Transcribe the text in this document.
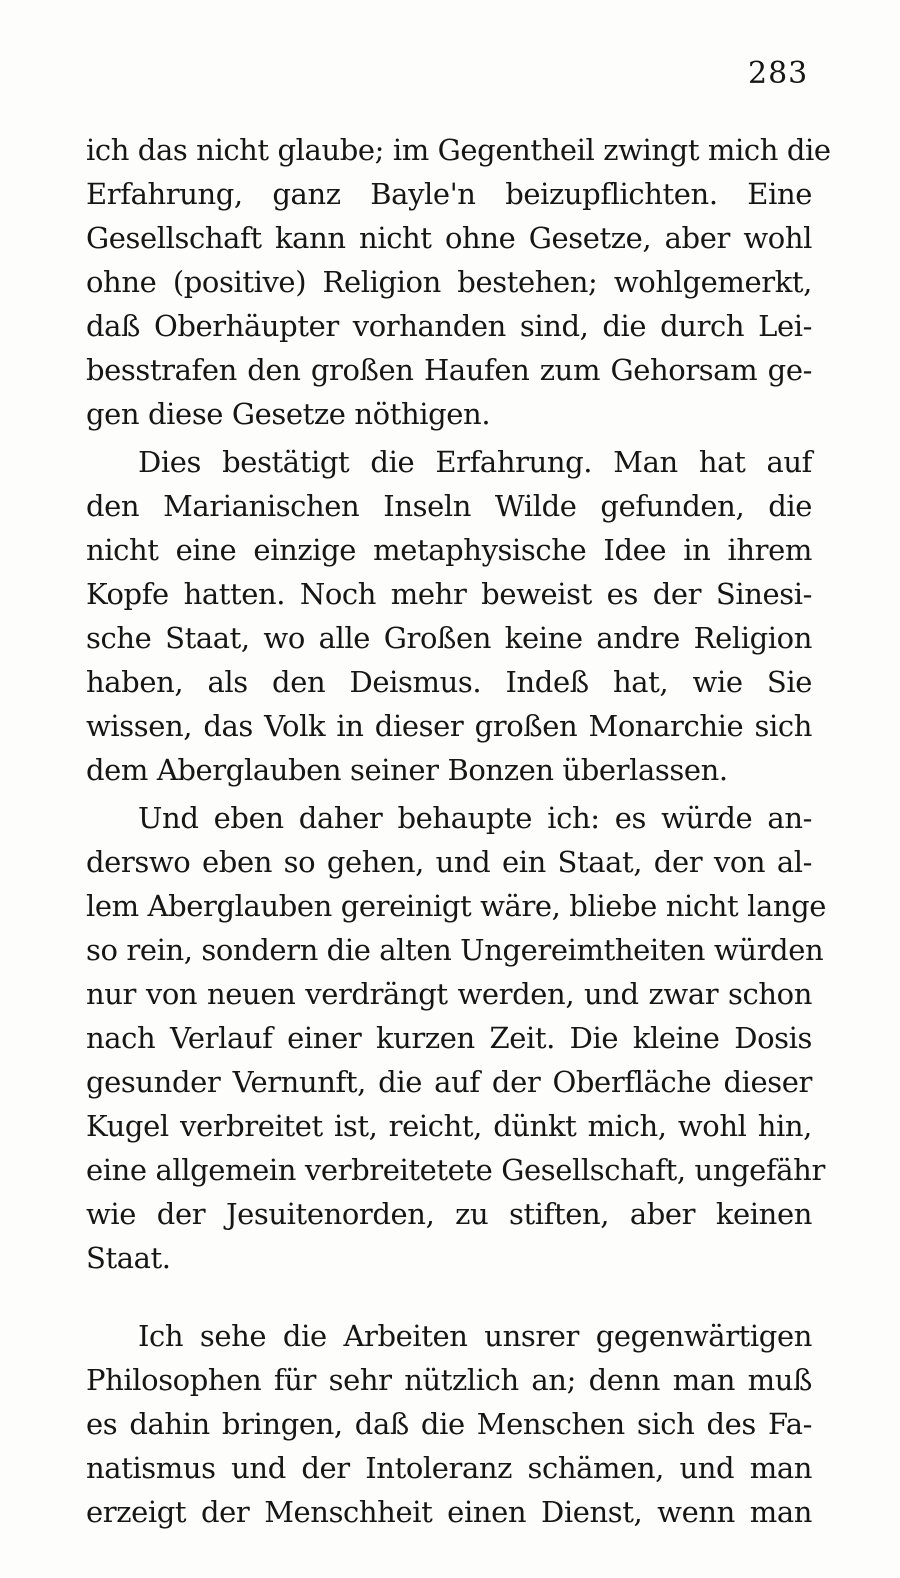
283
ich das nicht glaube; im Gegentheil zwingt mich die
Erfahrung, ganz Bayle'n beizupflichten. Eine
Gesellschaft kann nicht ohne Gesetze, aber wohl
ohne (positive) Religion bestehen; wohlgemerkt,
daß Oberhäupter vorhanden sind, die durch Lei-
besstrafen den großen Haufen zum Gehorsam ge-
gen diese Gesetze nöthigen.
Dies bestätigt die Erfahrung. Man hat auf
den Marianischen Inseln Wilde gefunden, die
nicht eine einzige metaphysische Idee in ihrem
Kopfe hatten. Noch mehr beweist es der Sinesi-
sche Staat, wo alle Großen keine andre Religion
haben, als den Deismus. Indeß hat, wie Sie
wissen, das Volk in dieser großen Monarchie sich
dem Aberglauben seiner Bonzen überlassen.
Und eben daher behaupte ich: es würde an-
derswo eben so gehen, und ein Staat, der von al-
lem Aberglauben gereinigt wäre, bliebe nicht lange
so rein, sondern die alten Ungereimtheiten würden
nur von neuen verdrängt werden, und zwar schon
nach Verlauf einer kurzen Zeit. Die kleine Dosis
gesunder Vernunft, die auf der Oberfläche dieser
Kugel verbreitet ist, reicht, dünkt mich, wohl hin,
eine allgemein verbreitetete Gesellschaft, ungefähr
wie der Jesuitenorden, zu stiften, aber keinen
Staat.
Ich sehe die Arbeiten unsrer gegenwärtigen
Philosophen für sehr nützlich an; denn man muß
es dahin bringen, daß die Menschen sich des Fa-
natismus und der Intoleranz schämen, und man
erzeigt der Menschheit einen Dienst, wenn man
